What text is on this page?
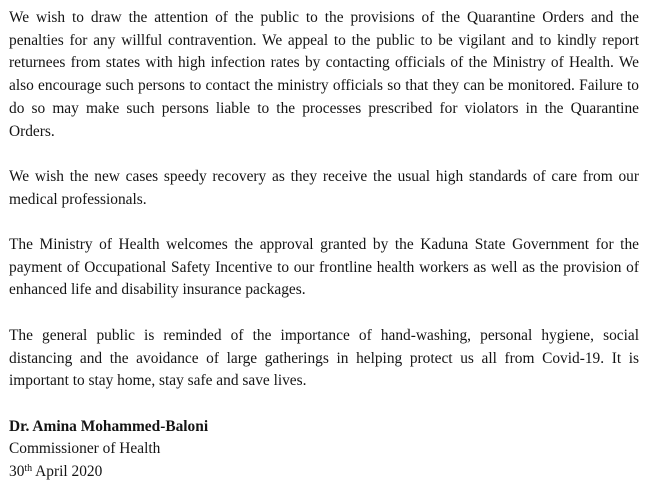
We wish to draw the attention of the public to the provisions of the Quarantine Orders and the penalties for any willful contravention. We appeal to the public to be vigilant and to kindly report returnees from states with high infection rates by contacting officials of the Ministry of Health. We also encourage such persons to contact the ministry officials so that they can be monitored. Failure to do so may make such persons liable to the processes prescribed for violators in the Quarantine Orders.

We wish the new cases speedy recovery as they receive the usual high standards of care from our medical professionals.

The Ministry of Health welcomes the approval granted by the Kaduna State Government for the payment of Occupational Safety Incentive to our frontline health workers as well as the provision of enhanced life and disability insurance packages.

The general public is reminded of the importance of hand-washing, personal hygiene, social distancing and the avoidance of large gatherings in helping protect us all from Covid-19. It is important to stay home, stay safe and save lives.

Dr. Amina Mohammed-Baloni
Commissioner of Health
30th April 2020
